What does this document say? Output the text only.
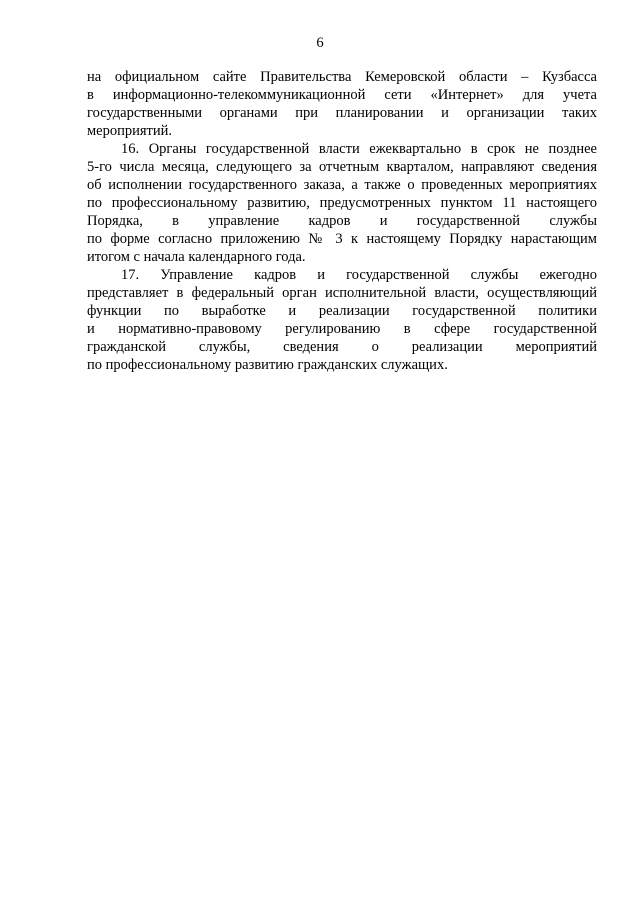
6
на официальном сайте Правительства Кемеровской области – Кузбасса
в информационно-телекоммуникационной сети «Интернет» для учета
государственными органами при планировании и организации таких
мероприятий.
16. Органы государственной власти ежеквартально в срок не позднее
5-го числа месяца, следующего за отчетным кварталом, направляют сведения
об исполнении государственного заказа, а также о проведенных мероприятиях
по профессиональному развитию, предусмотренных пунктом 11 настоящего
Порядка, в управление кадров и государственной службы
по форме согласно приложению № 3 к настоящему Порядку нарастающим
итогом с начала календарного года.
17. Управление кадров и государственной службы ежегодно
представляет в федеральный орган исполнительной власти, осуществляющий
функции по выработке и реализации государственной политики
и нормативно-правовому регулированию в сфере государственной
гражданской службы, сведения о реализации мероприятий
по профессиональному развитию гражданских служащих.
